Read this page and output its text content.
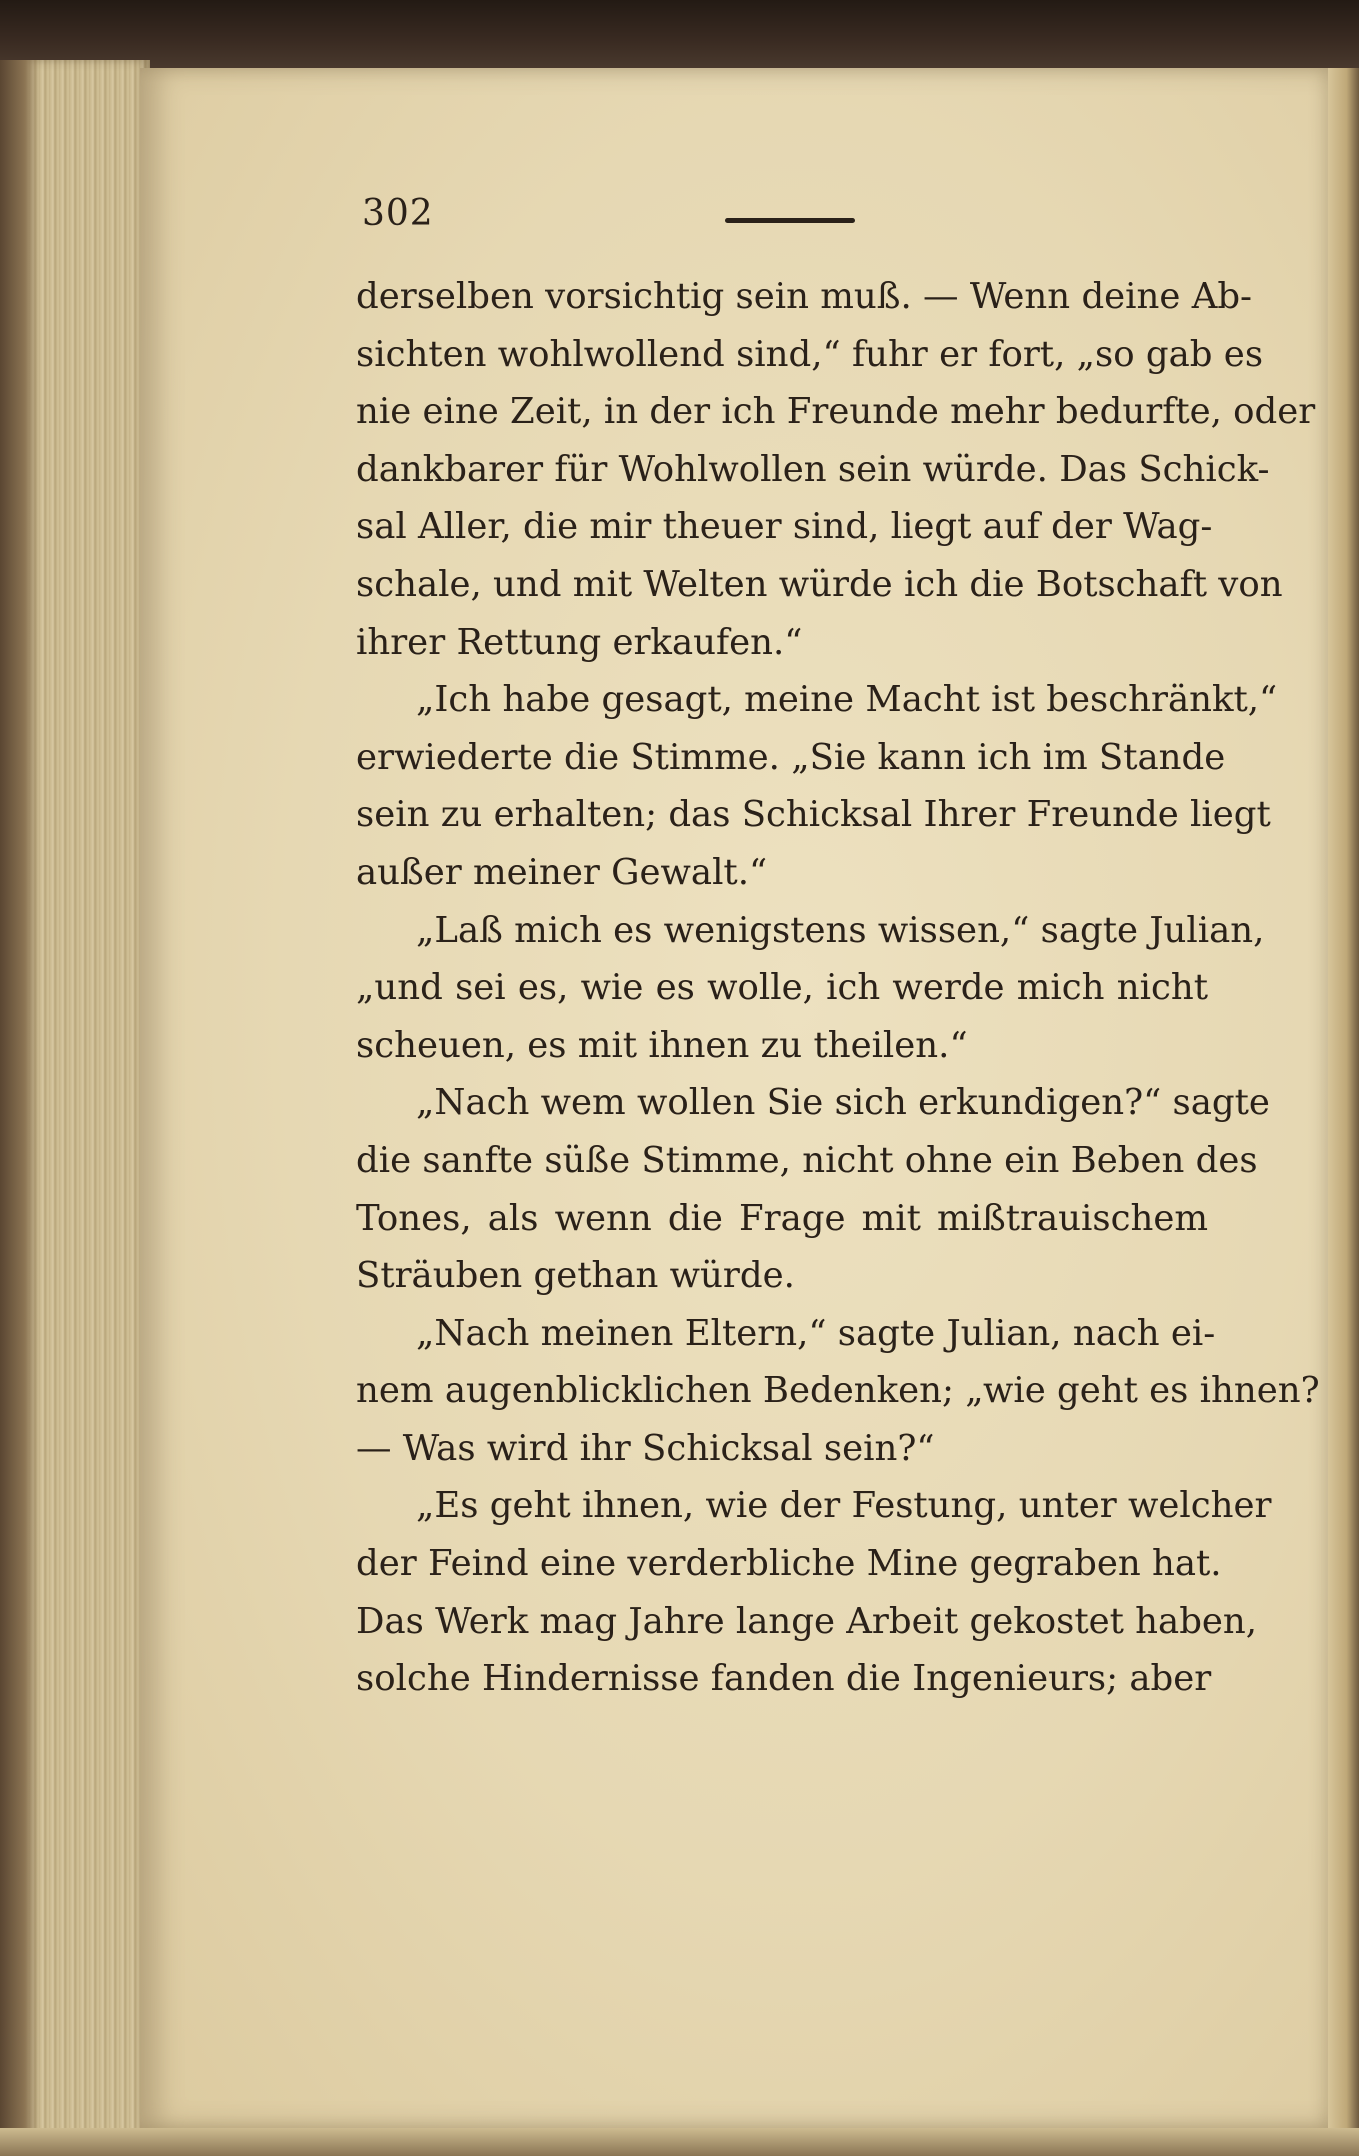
302

derselben vorsichtig sein muß. — Wenn deine Ab-
sichten wohlwollend sind,“ fuhr er fort, „so gab es
nie eine Zeit, in der ich Freunde mehr bedurfte, oder
dankbarer für Wohlwollen sein würde. Das Schick-
sal Aller, die mir theuer sind, liegt auf der Wag-
schale, und mit Welten würde ich die Botschaft von
ihrer Rettung erkaufen.“
„Ich habe gesagt, meine Macht ist beschränkt,“
erwiederte die Stimme. „Sie kann ich im Stande
sein zu erhalten; das Schicksal Ihrer Freunde liegt
außer meiner Gewalt.“
„Laß mich es wenigstens wissen,“ sagte Julian,
„und sei es, wie es wolle, ich werde mich nicht
scheuen, es mit ihnen zu theilen.“
„Nach wem wollen Sie sich erkundigen?“ sagte
die sanfte süße Stimme, nicht ohne ein Beben des
Tones, als wenn die Frage mit mißtrauischem
Sträuben gethan würde.
„Nach meinen Eltern,“ sagte Julian, nach ei-
nem augenblicklichen Bedenken; „wie geht es ihnen?
— Was wird ihr Schicksal sein?“
„Es geht ihnen, wie der Festung, unter welcher
der Feind eine verderbliche Mine gegraben hat.
Das Werk mag Jahre lange Arbeit gekostet haben,
solche Hindernisse fanden die Ingenieurs; aber
